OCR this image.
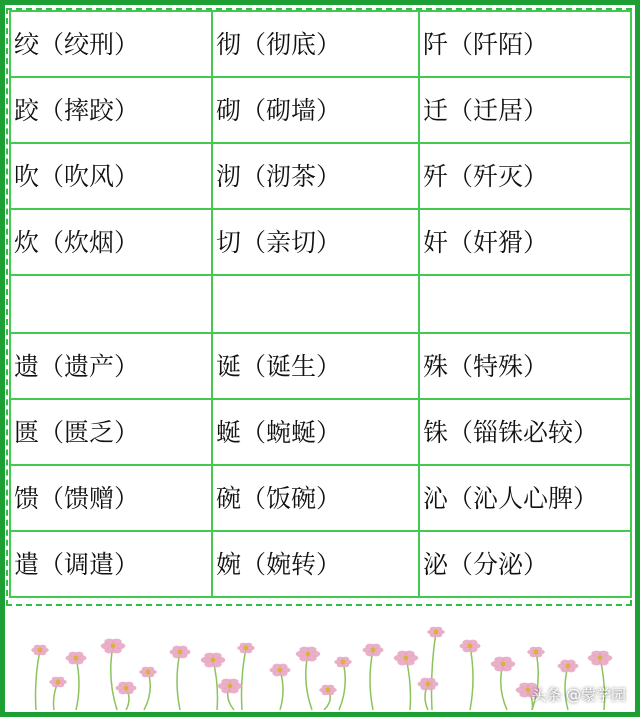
绞（绞刑）	彻（彻底）	阡（阡陌）
跤（摔跤）	砌（砌墙）	迁（迁居）
吹（吹风）	沏（沏茶）	歼（歼灭）
炊（炊烟）	切（亲切）	奸（奸猾）

遗（遗产）	诞（诞生）	殊（特殊）
匮（匮乏）	蜒（蜿蜒）	铢（锱铢必较）
馈（馈赠）	碗（饭碗）	沁（沁人心脾）
遣（调遣）	婉（婉转）	泌（分泌）
头条 @蒙学园
